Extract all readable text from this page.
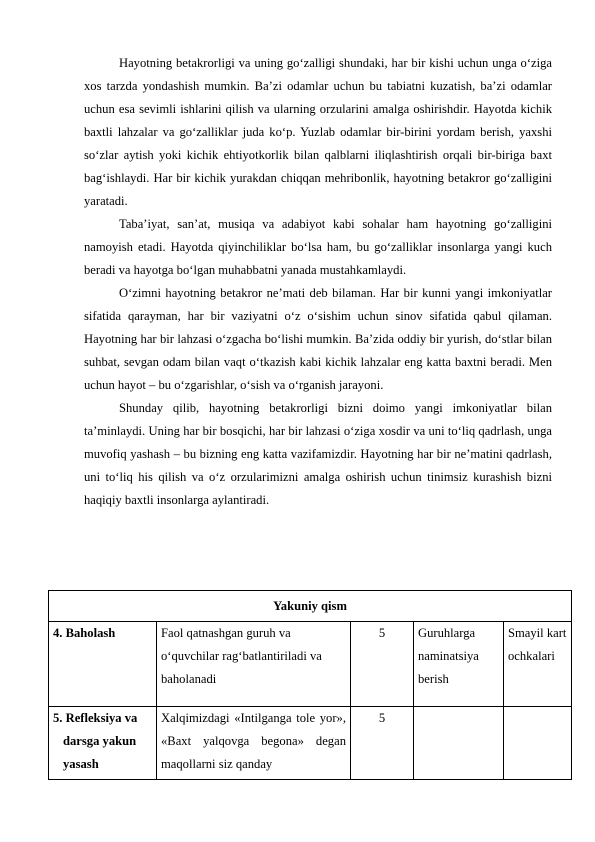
Hayotning betakrorligi va uning go‘zalligi shundaki, har bir kishi uchun unga o‘ziga xos tarzda yondashish mumkin. Ba’zi odamlar uchun bu tabiatni kuzatish, ba’zi odamlar uchun esa sevimli ishlarini qilish va ularning orzularini amalga oshirishdir. Hayotda kichik baxtli lahzalar va go‘zalliklar juda ko‘p. Yuzlab odamlar bir-birini yordam berish, yaxshi so‘zlar aytish yoki kichik ehtiyotkorlik bilan qalblarni iliqlashtirish orqali bir-biriga baxt bag‘ishlaydi. Har bir kichik yurakdan chiqqan mehribonlik, hayotning betakror go‘zalligini yaratadi.

Taba’iyat, san’at, musiqa va adabiyot kabi sohalar ham hayotning go‘zalligini namoyish etadi. Hayotda qiyinchiliklar bo‘lsa ham, bu go‘zalliklar insonlarga yangi kuch beradi va hayotga bo‘lgan muhabbatni yanada mustahkamlaydi.

O‘zimni hayotning betakror ne’mati deb bilaman. Har bir kunni yangi imkoniyatlar sifatida qarayman, har bir vaziyatni o‘z o‘sishim uchun sinov sifatida qabul qilaman. Hayotning har bir lahzasi o‘zgacha bo‘lishi mumkin. Ba’zida oddiy bir yurish, do‘stlar bilan suhbat, sevgan odam bilan vaqt o‘tkazish kabi kichik lahzalar eng katta baxtni beradi. Men uchun hayot – bu o‘zgarishlar, o‘sish va o‘rganish jarayoni.

Shunday qilib, hayotning betakrorligi bizni doimo yangi imkoniyatlar bilan ta’minlaydi. Uning har bir bosqichi, har bir lahzasi o‘ziga xosdir va uni to‘liq qadrlash, unga muvofiq yashash – bu bizning eng katta vazifamizdir. Hayotning har bir ne’matini qadrlash, uni to‘liq his qilish va o‘z orzularimizni amalga oshirish uchun tinimsiz kurashish bizni haqiqiy baxtli insonlarga aylantiradi.

Yakuniy qism				
4. Baholash	Faol qatnashgan guruh va o‘quvchilar rag‘batlantiriladi va baholanadi	5	Guruhlarga naminatsiya berish	Smayil kartochkalari
5. Refleksiya va
darsga yakun
yasash	Xalqimizdagi «Intilganga tole yor», «Baxt yalqovga begona» degan maqollarni siz qanday	5		
